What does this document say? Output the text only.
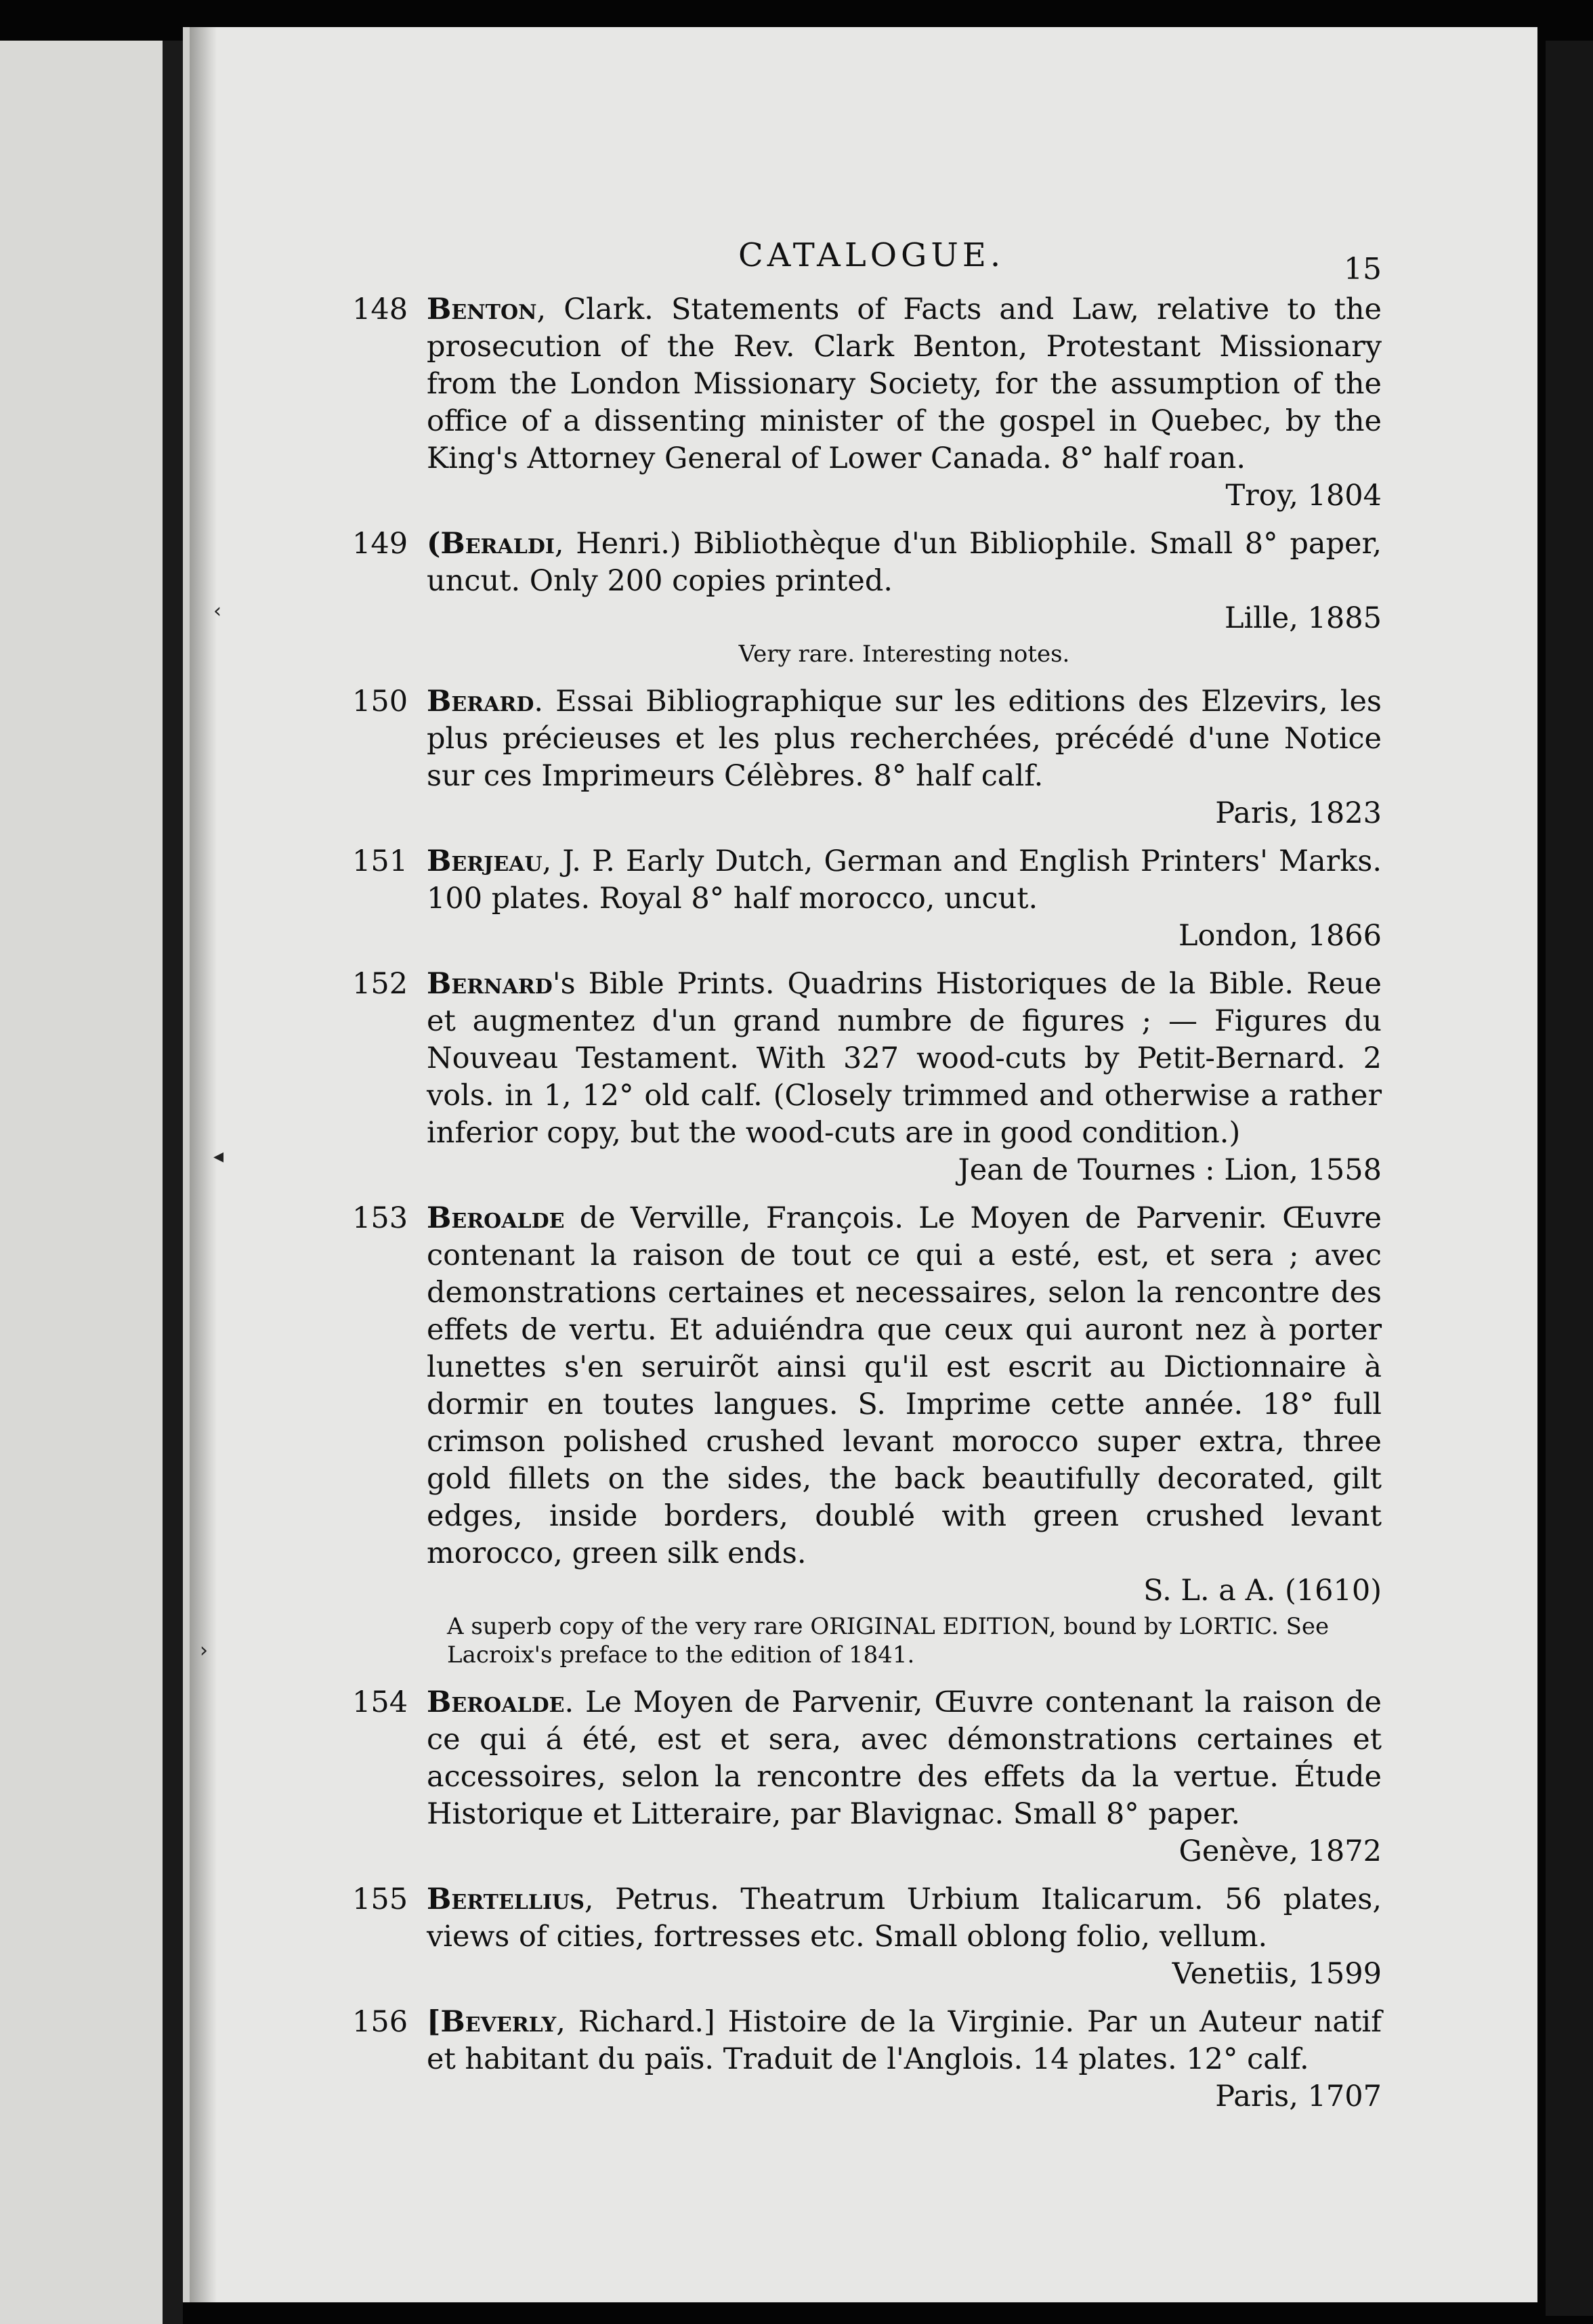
‹
◂
›
CATALOGUE.	15
148 Benton, Clark. Statements of Facts and Law, relative to the prosecution of the Rev. Clark Benton, Protestant Missionary from the London Missionary Society, for the assumption of the office of a dissenting minister of the gospel in Quebec, by the King's Attorney General of Lower Canada. 8° half roan.
Troy, 1804
149 (Beraldi, Henri.) Bibliothèque d'un Bibliophile. Small 8° paper, uncut. Only 200 copies printed.
Lille, 1885
Very rare. Interesting notes.
150 Berard. Essai Bibliographique sur les editions des Elzevirs, les plus précieuses et les plus recherchées, précédé d'une Notice sur ces Imprimeurs Célèbres. 8° half calf.
Paris, 1823
151 Berjeau, J. P. Early Dutch, German and English Printers' Marks. 100 plates. Royal 8° half morocco, uncut.
London, 1866
152 Bernard's Bible Prints. Quadrins Historiques de la Bible. Reue et augmentez d'un grand numbre de figures ; — Figures du Nouveau Testament. With 327 wood-cuts by Petit-Bernard. 2 vols. in 1, 12° old calf. (Closely trimmed and otherwise a rather inferior copy, but the wood-cuts are in good condition.)
Jean de Tournes : Lion, 1558
153 Beroalde de Verville, François. Le Moyen de Parvenir. Œuvre contenant la raison de tout ce qui a esté, est, et sera ; avec demonstrations certaines et necessaires, selon la rencontre des effets de vertu. Et aduiéndra que ceux qui auront nez à porter lunettes s'en seruirõt ainsi qu'il est escrit au Dictionnaire à dormir en toutes langues. S. Imprime cette année. 18° full crimson polished crushed levant morocco super extra, three gold fillets on the sides, the back beautifully decorated, gilt edges, inside borders, doublé with green crushed levant morocco, green silk ends.
S. L. a A. (1610)
A superb copy of the very rare ORIGINAL EDITION, bound by LORTIC. See Lacroix's preface to the edition of 1841.
154 Beroalde. Le Moyen de Parvenir, Œuvre contenant la raison de ce qui á été, est et sera, avec démonstrations certaines et accessoires, selon la rencontre des effets da la vertue. Étude Historique et Litteraire, par Blavignac. Small 8° paper.
Genève, 1872
155 Bertellius, Petrus. Theatrum Urbium Italicarum. 56 plates, views of cities, fortresses etc. Small oblong folio, vellum.
Venetiis, 1599
156 [Beverly, Richard.] Histoire de la Virginie. Par un Auteur natif et habitant du païs. Traduit de l'Anglois. 14 plates. 12° calf.
Paris, 1707
